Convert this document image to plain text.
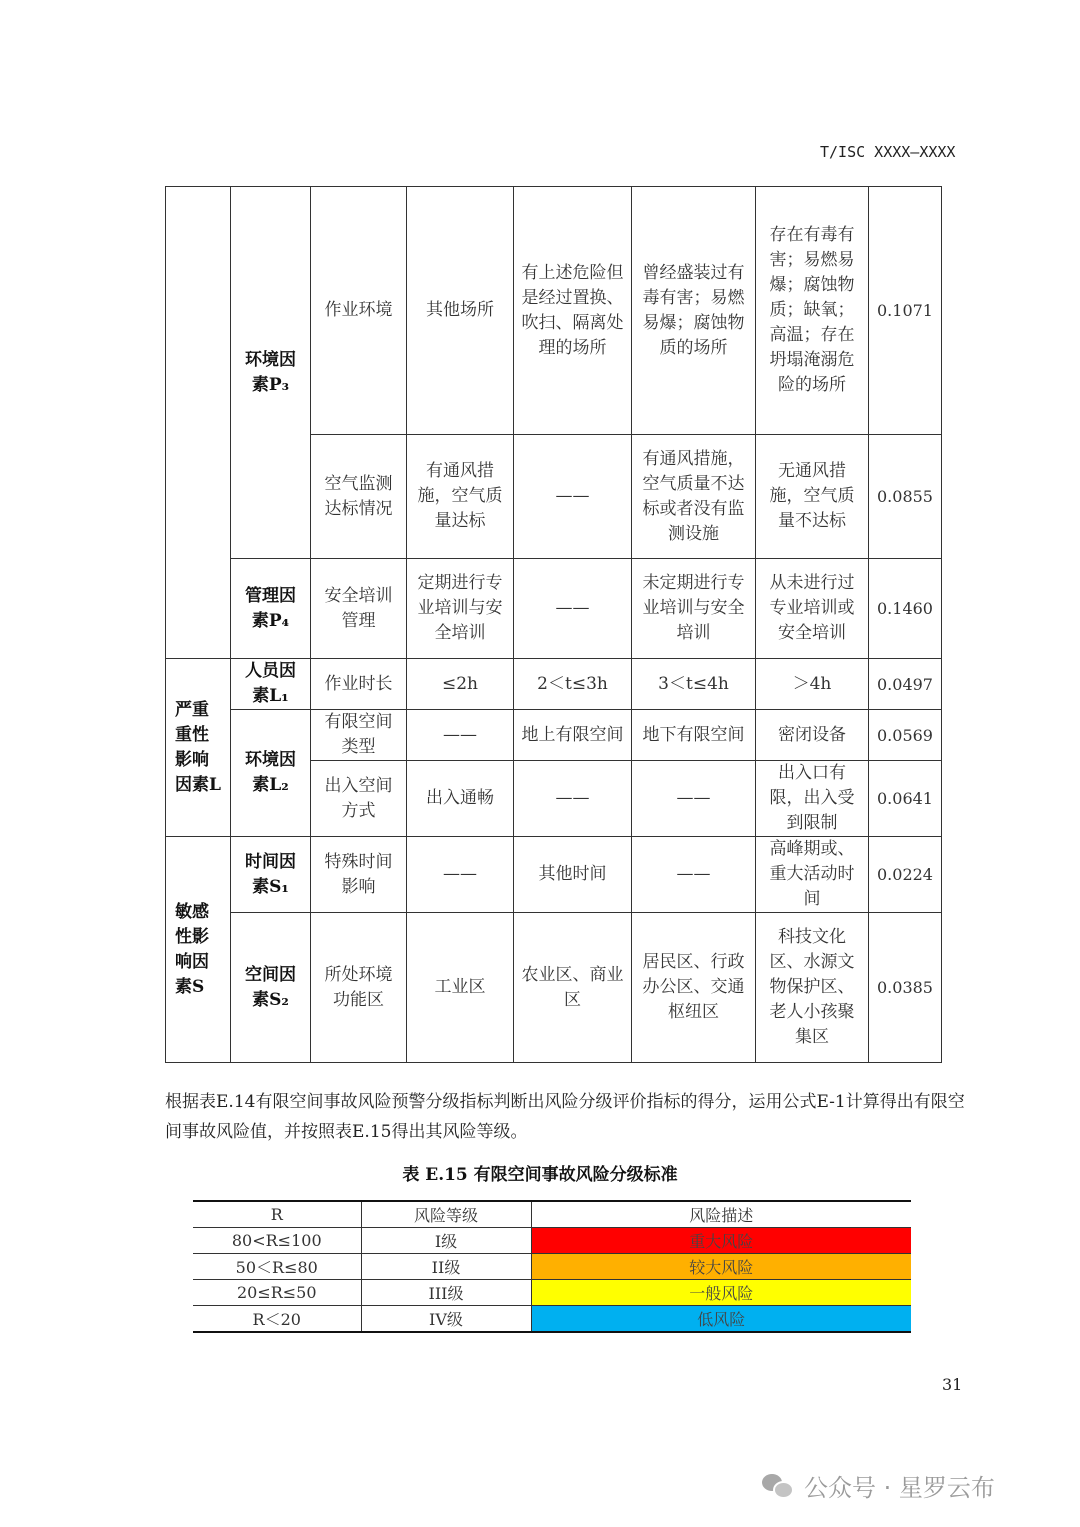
T/ISC XXXX—XXXX
	环境因素P₃	作业环境	其他场所	有上述危险但是经过置换、吹扫、隔离处理的场所	曾经盛装过有毒有害；易燃易爆；腐蚀物质的场所	存在有毒有害；易燃易爆；腐蚀物质；缺氧；高温；存在坍塌淹溺危险的场所	0.1071
		空气监测达标情况	有通风措施，空气质量达标	——	有通风措施，空气质量不达标或者没有监测设施	无通风措施，空气质量不达标	0.0855
	管理因素P₄	安全培训管理	定期进行专业培训与安全培训	——	未定期进行专业培训与安全培训	从未进行过专业培训或安全培训	0.1460
严重重性影响因素L	人员因素L₁	作业时长	≤2h	2＜t≤3h	3＜t≤4h	＞4h	0.0497
	环境因素L₂	有限空间类型	——	地上有限空间	地下有限空间	密闭设备	0.0569
		出入空间方式	出入通畅	——	——	出入口有限，出入受到限制	0.0641
敏感性影响因素S	时间因素S₁	特殊时间影响	——	其他时间	——	高峰期或、重大活动时间	0.0224
	空间因素S₂	所处环境功能区	工业区	农业区、商业区	居民区、行政办公区、交通枢纽区	科技文化区、水源文物保护区、老人小孩聚集区	0.0385
根据表E.14有限空间事故风险预警分级指标判断出风险分级评价指标的得分，运用公式E-1计算得出有限空间事故风险值，并按照表E.15得出其风险等级。
表 E.15 有限空间事故风险分级标准
R	风险等级	风险描述
80<R≤100	I级	重大风险
50＜R≤80	II级	较大风险
20≤R≤50	III级	一般风险
R＜20	IV级	低风险
31
公众号 · 星罗云布
